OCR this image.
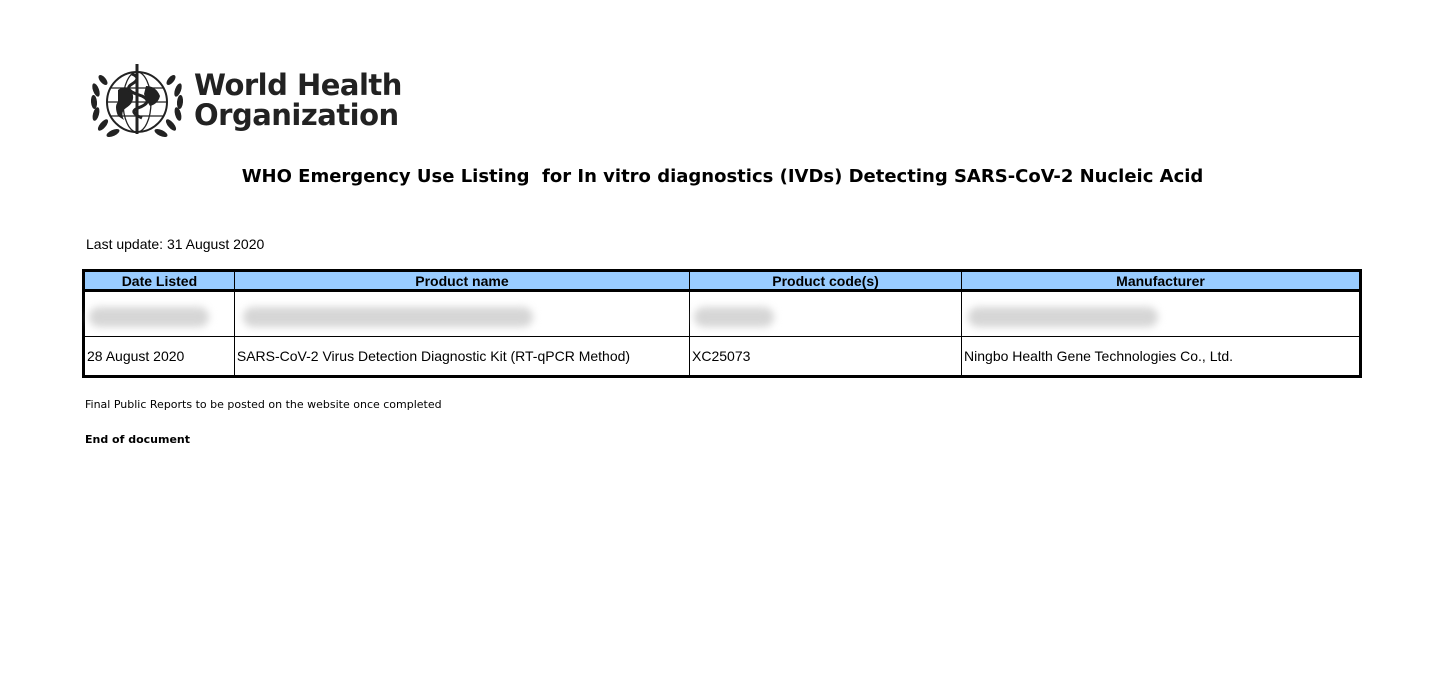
World Health
Organization
WHO Emergency Use Listing  for In vitro diagnostics (IVDs) Detecting SARS-CoV-2 Nucleic Acid
Last update: 31 August 2020
Date Listed	Product name	Product code(s)	Manufacturer

28 August 2020	SARS-CoV-2 Virus Detection Diagnostic Kit (RT-qPCR Method)	XC25073	Ningbo Health Gene Technologies Co., Ltd.
Final Public Reports to be posted on the website once completed
End of document
